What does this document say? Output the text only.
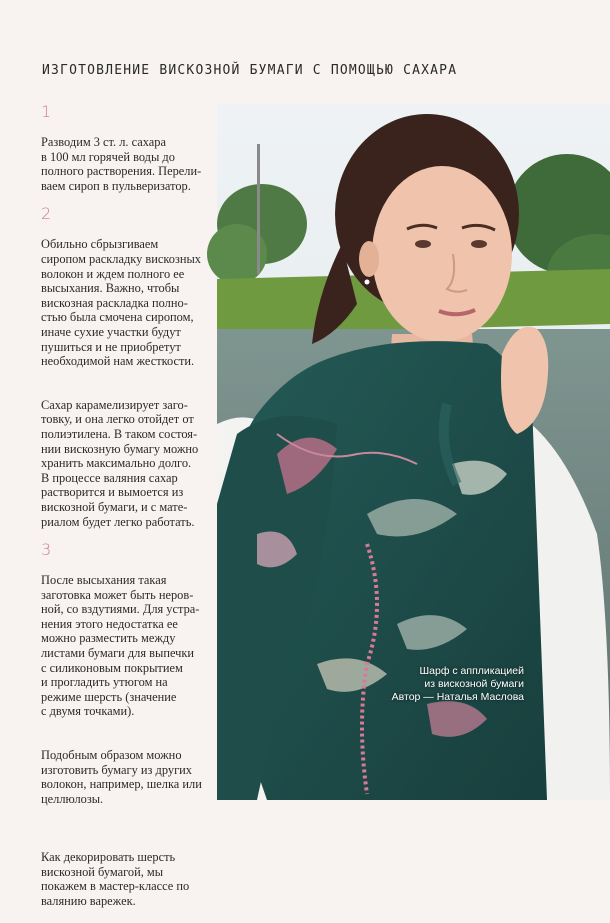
ИЗГОТОВЛЕНИЕ ВИСКОЗНОЙ БУМАГИ С ПОМОЩЬЮ САХАРА

1

Разводим 3 ст. л. сахара
в 100 мл горячей воды до
полного растворения. Перели-
ваем сироп в пульверизатор.

2

Обильно сбрызгиваем
сиропом раскладку вискозных
волокон и ждем полного ее
высыхания. Важно, чтобы
вискозная раскладка полно-
стью была смочена сиропом,
иначе сухие участки будут
пушиться и не приобретут
необходимой нам жесткости.

Сахар карамелизирует заго-
товку, и она легко отойдет от
полиэтилена. В таком состоя-
нии вискозную бумагу можно
хранить максимально долго.
В процессе валяния сахар
растворится и вымоется из
вискозной бумаги, и с мате-
риалом будет легко работать.

3

После высыхания такая
заготовка может быть неров-
ной, со вздутиями. Для устра-
нения этого недостатка ее
можно разместить между
листами бумаги для выпечки
с силиконовым покрытием
и прогладить утюгом на
режиме шерсть (значение
с двумя точками).

Подобным образом можно
изготовить бумагу из других
волокон, например, шелка или
целлюлозы.

Как декорировать шерсть
вискозной бумагой, мы
покажем в мастер-классе по
валянию варежек.

Шарф с аппликацией
из вискозной бумаги
Автор — Наталья Маслова
